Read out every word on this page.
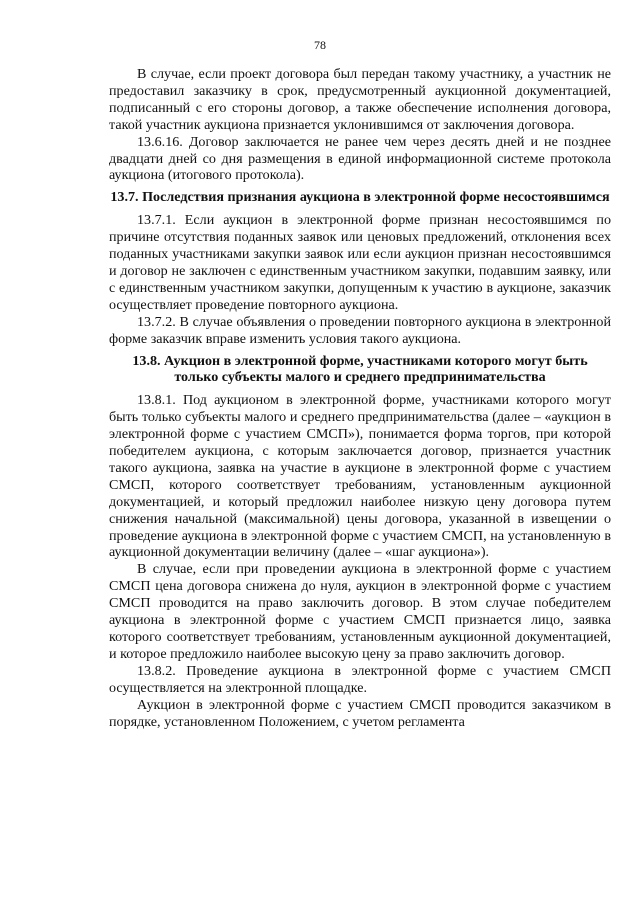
78

В случае, если проект договора был передан такому участнику, а участник не предоставил заказчику в срок, предусмотренный аукционной документацией, подписанный с его стороны договор, а также обеспечение исполнения договора, такой участник аукциона признается уклонившимся от заключения договора.

13.6.16. Договор заключается не ранее чем через десять дней и не позднее двадцати дней со дня размещения в единой информационной системе протокола аукциона (итогового протокола).

13.7. Последствия признания аукциона в электронной форме несостоявшимся

13.7.1. Если аукцион в электронной форме признан несостоявшимся по причине отсутствия поданных заявок или ценовых предложений, отклонения всех поданных участниками закупки заявок или если аукцион признан несостоявшимся и договор не заключен с единственным участником закупки, подавшим заявку, или с единственным участником закупки, допущенным к участию в аукционе, заказчик осуществляет проведение повторного аукциона.

13.7.2. В случае объявления о проведении повторного аукциона в электронной форме заказчик вправе изменить условия такого аукциона.

13.8. Аукцион в электронной форме, участниками которого могут быть только субъекты малого и среднего предпринимательства

13.8.1. Под аукционом в электронной форме, участниками которого могут быть только субъекты малого и среднего предпринимательства (далее – «аукцион в электронной форме с участием СМСП»), понимается форма торгов, при которой победителем аукциона, с которым заключается договор, признается участник такого аукциона, заявка на участие в аукционе в электронной форме с участием СМСП, которого соответствует требованиям, установленным аукционной документацией, и который предложил наиболее низкую цену договора путем снижения начальной (максимальной) цены договора, указанной в извещении о проведение аукциона в электронной форме с участием СМСП, на установленную в аукционной документации величину (далее – «шаг аукциона»).

В случае, если при проведении аукциона в электронной форме с участием СМСП цена договора снижена до нуля, аукцион в электронной форме с участием СМСП проводится на право заключить договор. В этом случае победителем аукциона в электронной форме с участием СМСП признается лицо, заявка которого соответствует требованиям, установленным аукционной документацией, и которое предложило наиболее высокую цену за право заключить договор.

13.8.2. Проведение аукциона в электронной форме с участием СМСП осуществляется на электронной площадке.

Аукцион в электронной форме с участием СМСП проводится заказчиком в порядке, установленном Положением, с учетом регламента
